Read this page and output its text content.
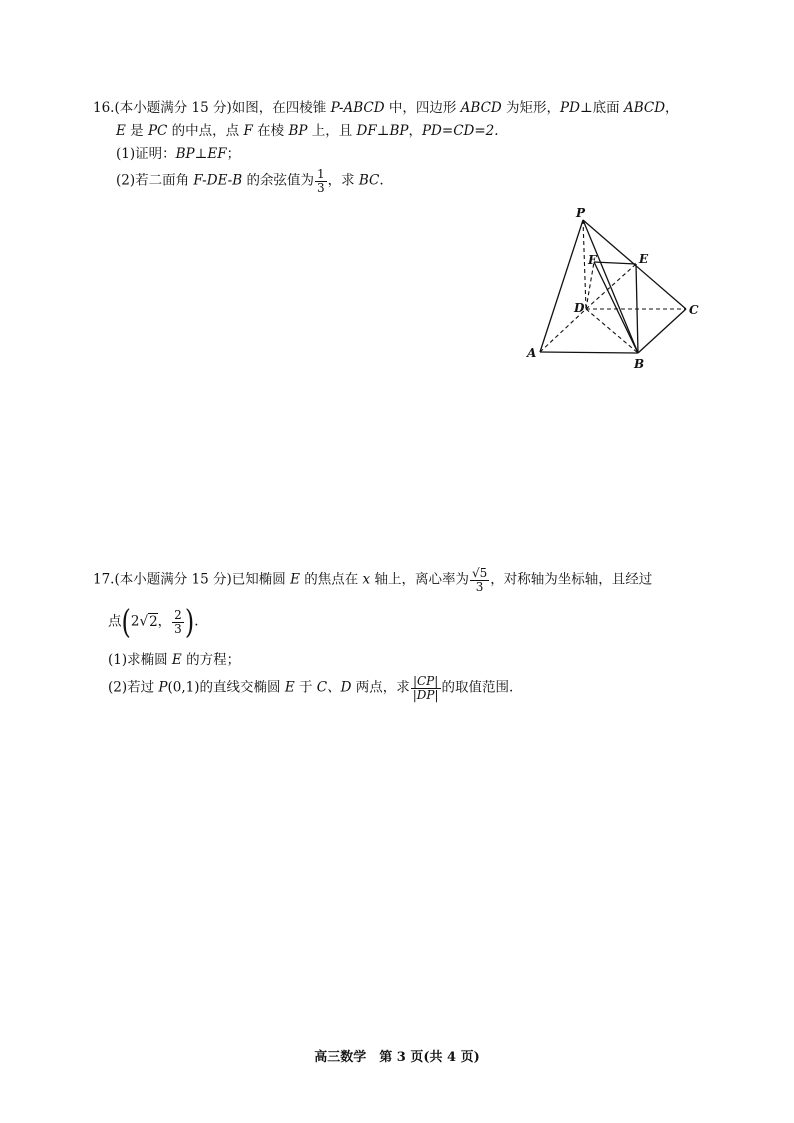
16.(本小题满分 15 分)如图，在四棱锥 P-ABCD 中，四边形 ABCD 为矩形，PD⊥底面 ABCD，
E 是 PC 的中点，点 F 在棱 BP 上，且 DF⊥BP，PD=CD=2.
(1)证明：BP⊥EF；
(2)若二面角 F-DE-B 的余弦值为 $\frac{1}{3}$ ，求 BC.
P
F	E
D	C
A
B
17.(本小题满分 15 分)已知椭圆 E 的焦点在 x 轴上，离心率为 $\frac{√5}{3}$ ，对称轴为坐标轴，且经过
点(2√2， $\frac{2}{3}$ ).
(1)求椭圆 E 的方程；
(2)若过 P(0,1)的直线交椭圆 E 于 C、D 两点，求 $\frac{|CP|}{|DP|}$ 的取值范围.
高三数学　第 3 页(共 4 页)
